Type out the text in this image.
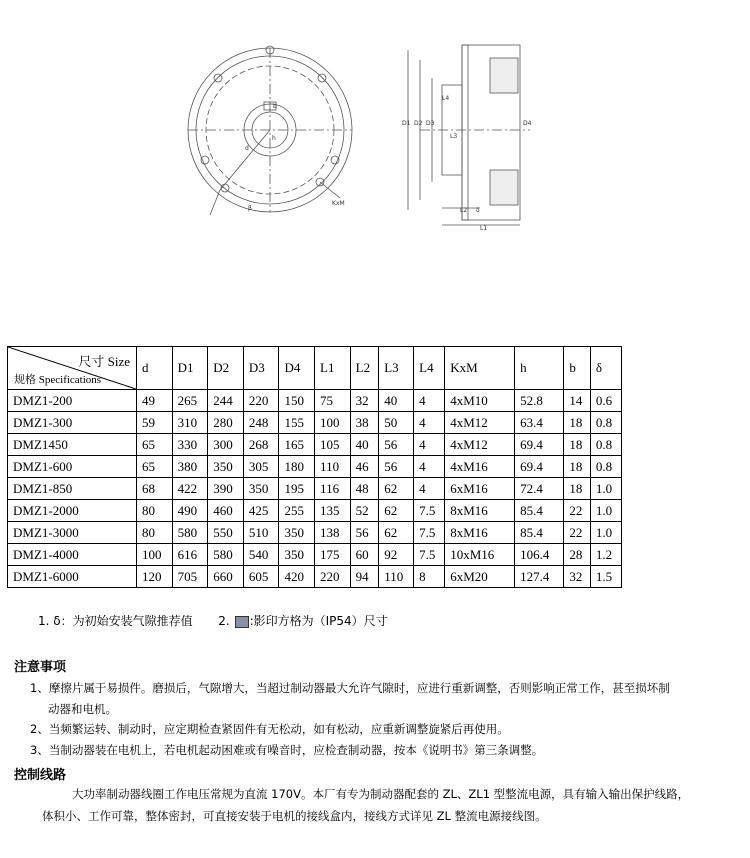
KxM
b
h
d
β
L1
L2
L3
L4
D1 D2 D3	D4
δ
尺寸 Size
规格 Specifications	d	D1	D2	D3	D4	L1	L2	L3	L4	KxM	h	b	δ
DMZ1-200	49	265	244	220	150	75	32	40	4	4xM10	52.8	14	0.6
DMZ1-300	59	310	280	248	155	100	38	50	4	4xM12	63.4	18	0.8
DMZ1450	65	330	300	268	165	105	40	56	4	4xM12	69.4	18	0.8
DMZ1-600	65	380	350	305	180	110	46	56	4	4xM16	69.4	18	0.8
DMZ1-850	68	422	390	350	195	116	48	62	4	6xM16	72.4	18	1.0
DMZ1-2000	80	490	460	425	255	135	52	62	7.5	8xM16	85.4	22	1.0
DMZ1-3000	80	580	550	510	350	138	56	62	7.5	8xM16	85.4	22	1.0
DMZ1-4000	100	616	580	540	350	175	60	92	7.5	10xM16	106.4	28	1.2
DMZ1-6000	120	705	660	605	420	220	94	110	8	6xM20	127.4	32	1.5
1. δ：为初始安装气隙推荐值 2. :影印方格为（IP54）尺寸
注意事项
1、摩擦片属于易损件。磨损后，气隙增大，当超过制动器最大允许气隙时，应进行重新调整，否则影响正常工作，甚至损坏制
动器和电机。
2、当频繁运转、制动时，应定期检查紧固件有无松动，如有松动，应重新调整旋紧后再使用。
3、当制动器装在电机上，若电机起动困难或有噪音时，应检查制动器，按本《说明书》第三条调整。
控制线路
大功率制动器线圈工作电压常规为直流 170V。本厂有专为制动器配套的 ZL、ZL1 型整流电源，具有输入输出保护线路，
体积小、工作可靠，整体密封，可直接安装于电机的接线盒内，接线方式详见 ZL 整流电源接线图。
